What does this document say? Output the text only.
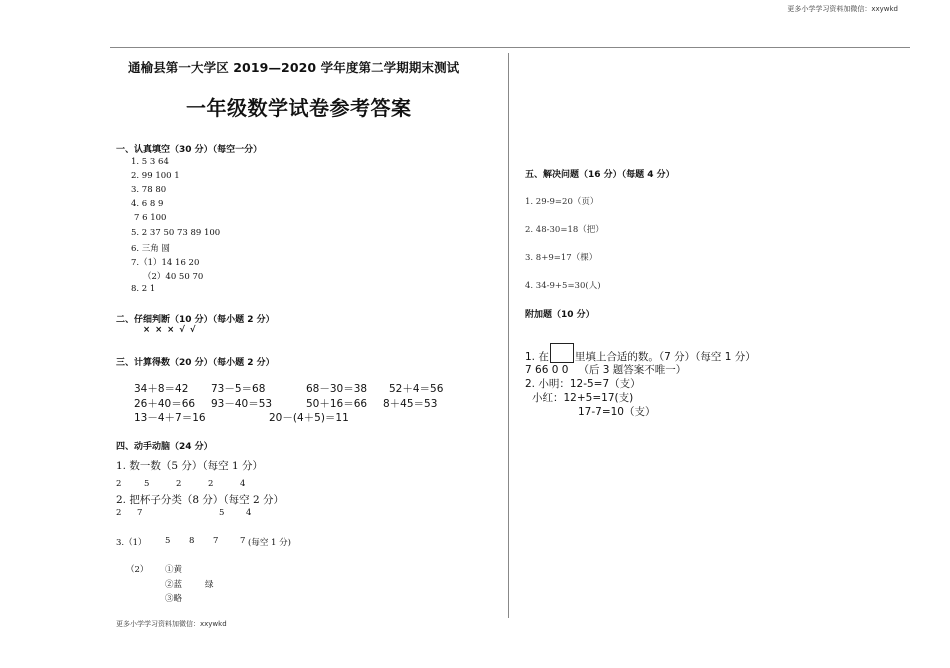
更多小学学习资料加微信：xxywkd
更多小学学习资料加微信：xxywkd
通榆县第一大学区 2019—2020 学年度第二学期期末测试
一年级数学试卷参考答案
一、认真填空（30 分）（每空一分）
1. 5 3 64
2. 99 100 1
3. 78 80
4. 6 8 9
7 6 100
5. 2 37 50 73 89 100
6. 三角 圆
7.（1）14 16 20
（2）40 50 70
8. 2 1
二、仔细判断（10 分）（每小题 2 分）
× × × √ √
三、计算得数（20 分）（每小题 2 分）
34＋8＝42 73－5＝68	68－30＝38 52＋4＝56
26＋40＝66 93－40＝53	50＋16＝66 8＋45＝53
13－4＋7＝16	20－(4＋5)＝11
四、动手动脑（24 分）
1. 数一数（5 分）（每空 1 分）
2	5	2	2	4
2. 把杯子分类（8 分）（每空 2 分）
2 7	5	4
3.（1） 5 8 7	7 (每空 1 分)
（2） ①黄
②蓝	绿
③略
五、解决问题（16 分）（每题 4 分）
1. 29-9=20（页）
2. 48-30=18（把）
3. 8+9=17（棵）
4. 34-9+5=30(人)
附加题（10 分）
1. 在 里填上合适的数。（7 分）（每空 1 分）
7 66 0 0 （后 3 题答案不唯一）
2. 小明：12-5=7（支）
小红：12+5=17(支)
17-7=10（支）
